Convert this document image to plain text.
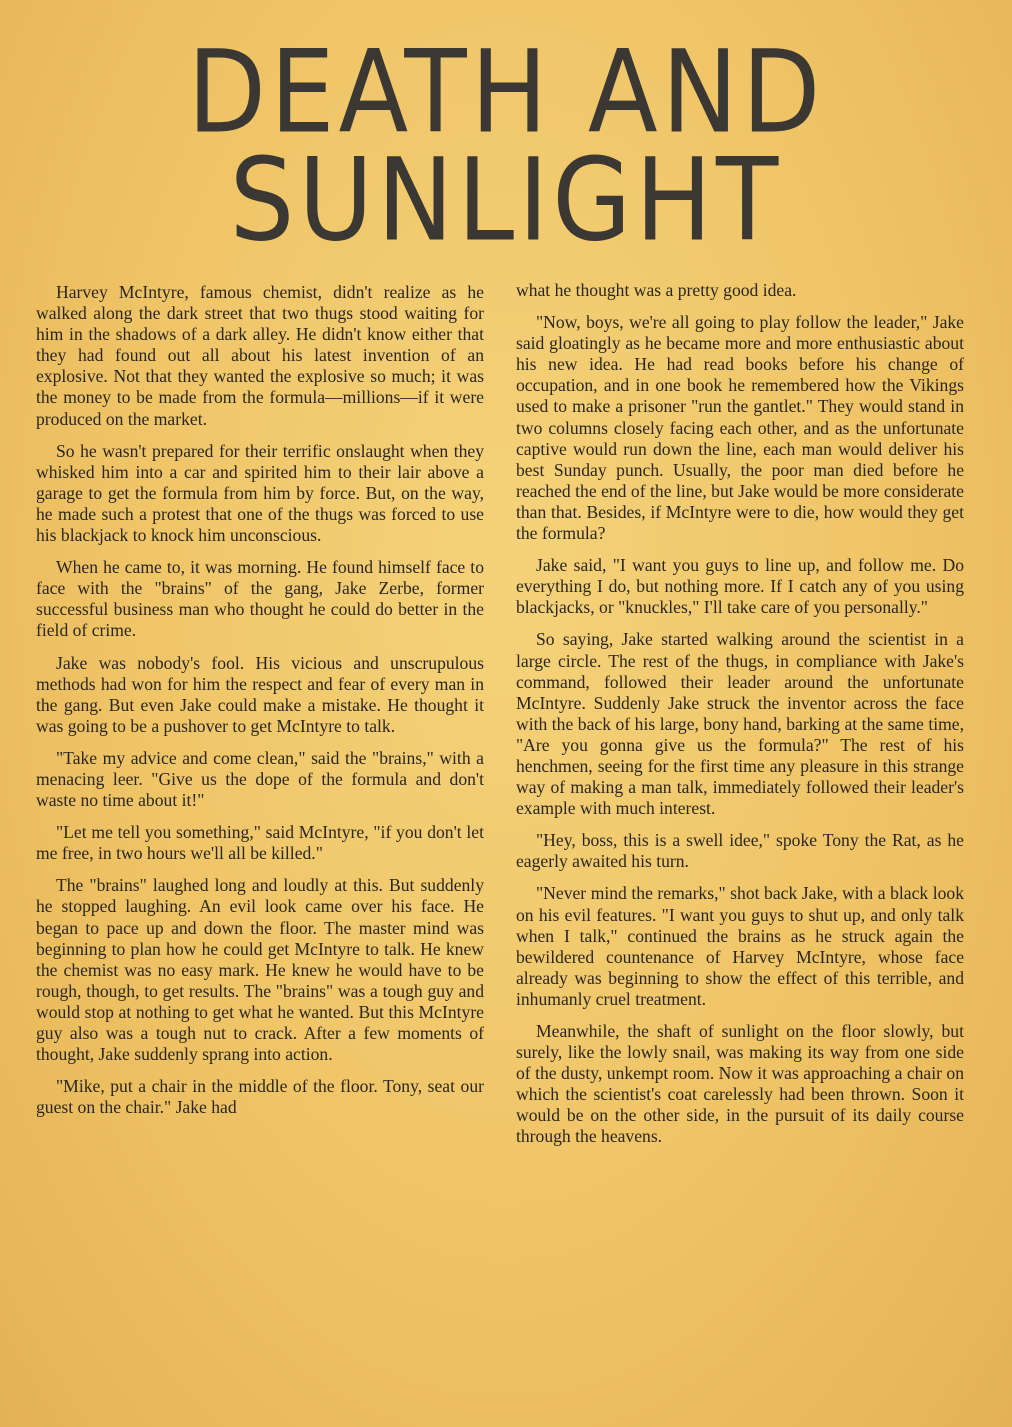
DEATH AND
SUNLIGHT

Harvey McIntyre, famous chemist, didn't realize as he walked along the dark street that two thugs stood waiting for him in the shadows of a dark alley. He didn't know either that they had found out all about his latest invention of an explosive. Not that they wanted the explosive so much; it was the money to be made from the formula—millions—if it were produced on the market.

So he wasn't prepared for their terrific onslaught when they whisked him into a car and spirited him to their lair above a garage to get the formula from him by force. But, on the way, he made such a protest that one of the thugs was forced to use his blackjack to knock him unconscious.

When he came to, it was morning. He found himself face to face with the "brains" of the gang, Jake Zerbe, former successful business man who thought he could do better in the field of crime.

Jake was nobody's fool. His vicious and unscrupulous methods had won for him the respect and fear of every man in the gang. But even Jake could make a mistake. He thought it was going to be a pushover to get McIntyre to talk.

"Take my advice and come clean," said the "brains," with a menacing leer. "Give us the dope of the formula and don't waste no time about it!"

"Let me tell you something," said McIntyre, "if you don't let me free, in two hours we'll all be killed."

The "brains" laughed long and loudly at this. But suddenly he stopped laughing. An evil look came over his face. He began to pace up and down the floor. The master mind was beginning to plan how he could get McIntyre to talk. He knew the chemist was no easy mark. He knew he would have to be rough, though, to get results. The "brains" was a tough guy and would stop at nothing to get what he wanted. But this McIntyre guy also was a tough nut to crack. After a few moments of thought, Jake suddenly sprang into action.

"Mike, put a chair in the middle of the floor. Tony, seat our guest on the chair." Jake had

what he thought was a pretty good idea.

"Now, boys, we're all going to play follow the leader," Jake said gloatingly as he became more and more enthusiastic about his new idea. He had read books before his change of occupation, and in one book he remembered how the Vikings used to make a prisoner "run the gantlet." They would stand in two columns closely facing each other, and as the unfortunate captive would run down the line, each man would deliver his best Sunday punch. Usually, the poor man died before he reached the end of the line, but Jake would be more considerate than that. Besides, if McIntyre were to die, how would they get the formula?

Jake said, "I want you guys to line up, and follow me. Do everything I do, but nothing more. If I catch any of you using blackjacks, or "knuckles," I'll take care of you personally."

So saying, Jake started walking around the scientist in a large circle. The rest of the thugs, in compliance with Jake's command, followed their leader around the unfortunate McIntyre. Suddenly Jake struck the inventor across the face with the back of his large, bony hand, barking at the same time, "Are you gonna give us the formula?" The rest of his henchmen, seeing for the first time any pleasure in this strange way of making a man talk, immediately followed their leader's example with much interest.

"Hey, boss, this is a swell idee," spoke Tony the Rat, as he eagerly awaited his turn.

"Never mind the remarks," shot back Jake, with a black look on his evil features. "I want you guys to shut up, and only talk when I talk," continued the brains as he struck again the bewildered countenance of Harvey McIntyre, whose face already was beginning to show the effect of this terrible, and inhumanly cruel treatment.

Meanwhile, the shaft of sunlight on the floor slowly, but surely, like the lowly snail, was making its way from one side of the dusty, unkempt room. Now it was approaching a chair on which the scientist's coat carelessly had been thrown. Soon it would be on the other side, in the pursuit of its daily course through the heavens.
